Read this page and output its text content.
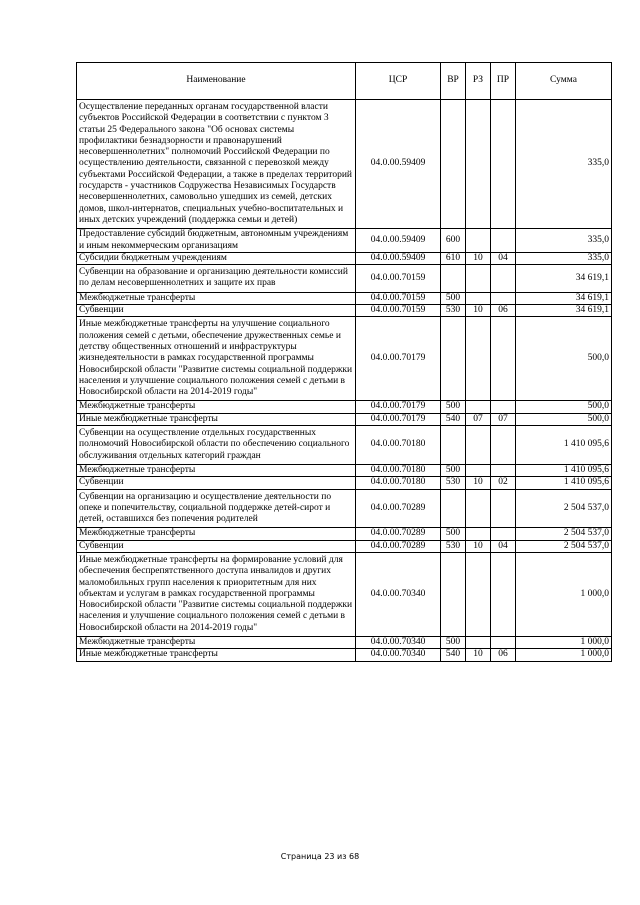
Наименование	ЦСР	ВР	РЗ	ПР	Сумма
Осуществление переданных органам государственной власти субъектов Российской Федерации в соответствии с пунктом 3 статьи 25 Федерального закона "Об основах системы профилактики безнадзорности и правонарушений несовершеннолетних" полномочий Российской Федерации по осуществлению деятельности, связанной с перевозкой между субъектами Российской Федерации, а также в пределах территорий государств - участников Содружества Независимых Государств несовершеннолетних, самовольно ушедших из семей, детских домов, школ-интернатов, специальных учебно-воспитательных и иных детских учреждений (поддержка семьи и детей)	04.0.00.59409				335,0
Предоставление субсидий бюджетным, автономным учреждениям и иным некоммерческим организациям	04.0.00.59409	600			335,0
Субсидии бюджетным учреждениям	04.0.00.59409	610	10	04	335,0
Субвенции на образование и организацию деятельности комиссий по делам несовершеннолетних и защите их прав	04.0.00.70159				34 619,1
Межбюджетные трансферты	04.0.00.70159	500			34 619,1
Субвенции	04.0.00.70159	530	10	06	34 619,1
Иные межбюджетные трансферты на улучшение социального положения семей с детьми, обеспечение дружественных семье и детству общественных отношений и инфраструктуры жизнедеятельности в рамках государственной программы Новосибирской области "Развитие системы социальной поддержки населения и улучшение социального положения семей с детьми в Новосибирской области на 2014-2019 годы"	04.0.00.70179				500,0
Межбюджетные трансферты	04.0.00.70179	500			500,0
Иные межбюджетные трансферты	04.0.00.70179	540	07	07	500,0
Субвенции на осуществление отдельных государственных полномочий Новосибирской области по обеспечению социального обслуживания отдельных категорий граждан	04.0.00.70180				1 410 095,6
Межбюджетные трансферты	04.0.00.70180	500			1 410 095,6
Субвенции	04.0.00.70180	530	10	02	1 410 095,6
Субвенции на организацию и осуществление деятельности по опеке и попечительству, социальной поддержке детей-сирот и детей, оставшихся без попечения родителей	04.0.00.70289				2 504 537,0
Межбюджетные трансферты	04.0.00.70289	500			2 504 537,0
Субвенции	04.0.00.70289	530	10	04	2 504 537,0
Иные межбюджетные трансферты на формирование условий для обеспечения беспрепятственного доступа инвалидов и других маломобильных групп населения к приоритетным для них объектам и услугам в рамках государственной программы Новосибирской области "Развитие системы социальной поддержки населения и улучшение социального положения семей с детьми в Новосибирской области на 2014-2019 годы"	04.0.00.70340				1 000,0
Межбюджетные трансферты	04.0.00.70340	500			1 000,0
Иные межбюджетные трансферты	04.0.00.70340	540	10	06	1 000,0
Страница 23 из 68
